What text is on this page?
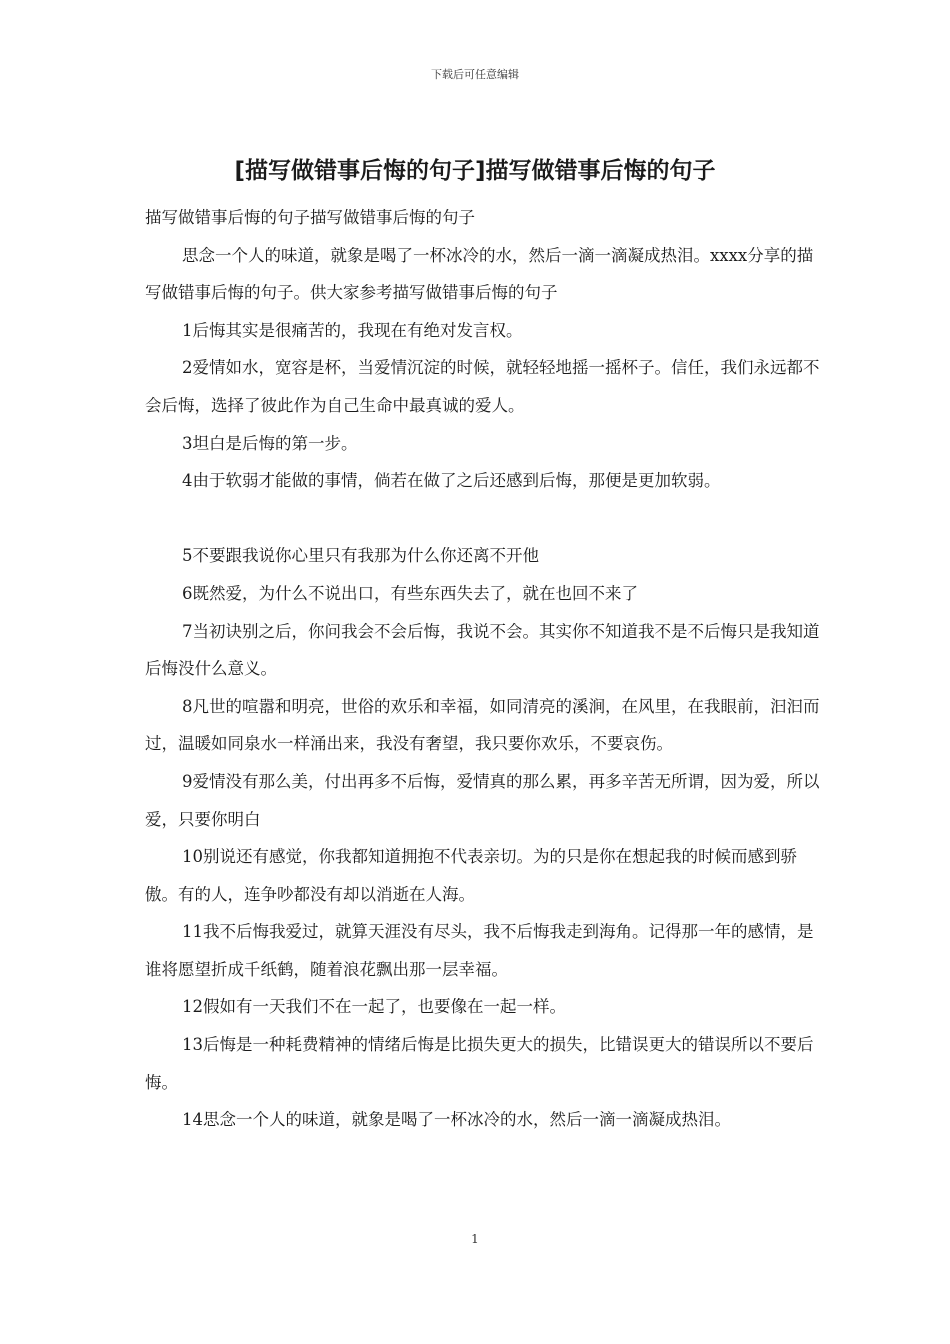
下载后可任意编辑
[描写做错事后悔的句子]描写做错事后悔的句子

描写做错事后悔的句子描写做错事后悔的句子

思念一个人的味道，就象是喝了一杯冰冷的水，然后一滴一滴凝成热泪。xxxx分享的描写做错事后悔的句子。供大家参考描写做错事后悔的句子

1后悔其实是很痛苦的，我现在有绝对发言权。

2爱情如水，宽容是杯，当爱情沉淀的时候，就轻轻地摇一摇杯子。信任，我们永远都不会后悔，选择了彼此作为自己生命中最真诚的爱人。

3坦白是后悔的第一步。

4由于软弱才能做的事情，倘若在做了之后还感到后悔，那便是更加软弱。

5不要跟我说你心里只有我那为什么你还离不开他

6既然爱，为什么不说出口，有些东西失去了，就在也回不来了

7当初诀别之后，你问我会不会后悔，我说不会。其实你不知道我不是不后悔只是我知道后悔没什么意义。

8凡世的喧嚣和明亮，世俗的欢乐和幸福，如同清亮的溪涧，在风里，在我眼前，汩汩而过，温暖如同泉水一样涌出来，我没有奢望，我只要你欢乐，不要哀伤。

9爱情没有那么美，付出再多不后悔，爱情真的那么累，再多辛苦无所谓，因为爱，所以爱，只要你明白

10别说还有感觉，你我都知道拥抱不代表亲切。为的只是你在想起我的时候而感到骄傲。有的人，连争吵都没有却以消逝在人海。

11我不后悔我爱过，就算天涯没有尽头，我不后悔我走到海角。记得那一年的感情，是谁将愿望折成千纸鹤，随着浪花飘出那一层幸福。

12假如有一天我们不在一起了，也要像在一起一样。

13后悔是一种耗费精神的情绪后悔是比损失更大的损失，比错误更大的错误所以不要后悔。

14思念一个人的味道，就象是喝了一杯冰冷的水，然后一滴一滴凝成热泪。

1
